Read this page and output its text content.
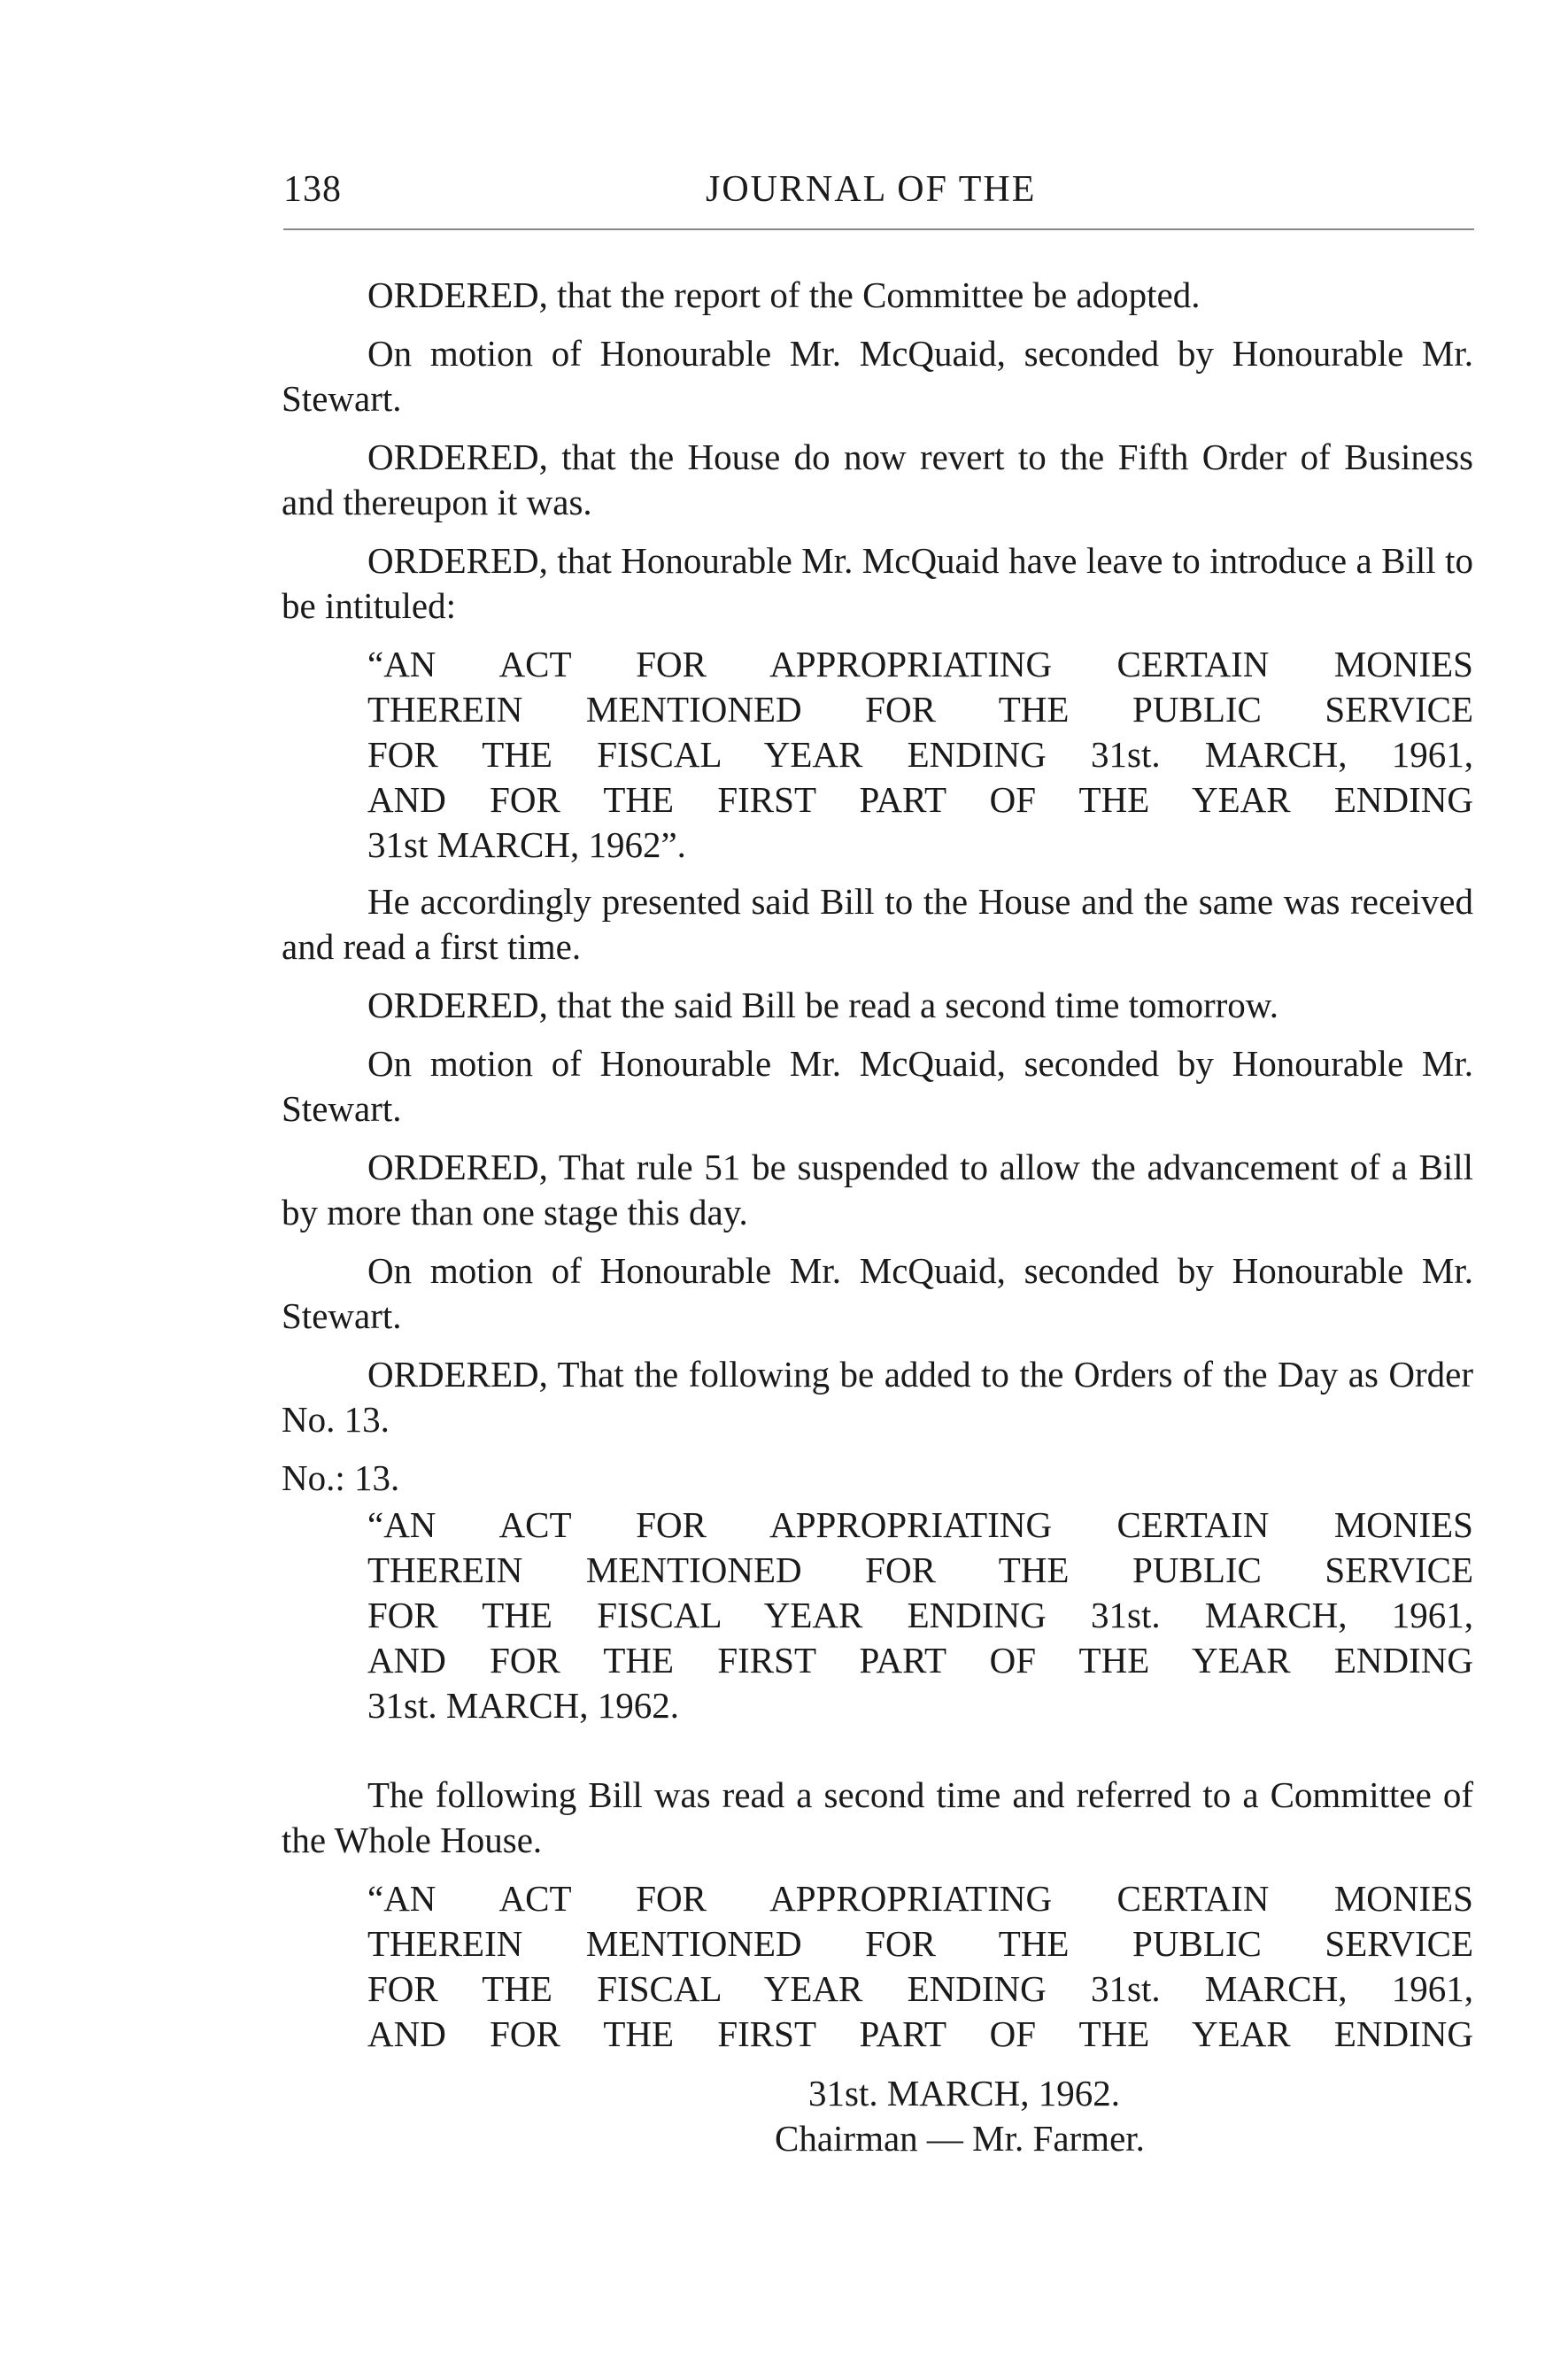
138	JOURNAL OF THE

ORDERED, that the report of the Committee be adopted.

On motion of Honourable Mr. McQuaid, seconded by Honourable Mr. Stewart.

ORDERED, that the House do now revert to the Fifth Order of Business and thereupon it was.

ORDERED, that Honourable Mr. McQuaid have leave to introduce a Bill to be intituled:

“AN ACT FOR APPROPRIATING CERTAIN MONIES
THEREIN MENTIONED FOR THE PUBLIC SERVICE
FOR THE FISCAL YEAR ENDING 31st. MARCH, 1961,
AND FOR THE FIRST PART OF THE YEAR ENDING
31st MARCH, 1962”.

He accordingly presented said Bill to the House and the same was received and read a first time.

ORDERED, that the said Bill be read a second time tomorrow.

On motion of Honourable Mr. McQuaid, seconded by Honourable Mr. Stewart.

ORDERED, That rule 51 be suspended to allow the advancement of a Bill by more than one stage this day.

On motion of Honourable Mr. McQuaid, seconded by Honourable Mr. Stewart.

ORDERED, That the following be added to the Orders of the Day as Order No. 13.

No.: 13.

“AN ACT FOR APPROPRIATING CERTAIN MONIES
THEREIN MENTIONED FOR THE PUBLIC SERVICE
FOR THE FISCAL YEAR ENDING 31st. MARCH, 1961,
AND FOR THE FIRST PART OF THE YEAR ENDING
31st. MARCH, 1962.

The following Bill was read a second time and referred to a Committee of the Whole House.

“AN ACT FOR APPROPRIATING CERTAIN MONIES
THEREIN MENTIONED FOR THE PUBLIC SERVICE
FOR THE FISCAL YEAR ENDING 31st. MARCH, 1961,
AND FOR THE FIRST PART OF THE YEAR ENDING
31st. MARCH, 1962.
Chairman — Mr. Farmer.
